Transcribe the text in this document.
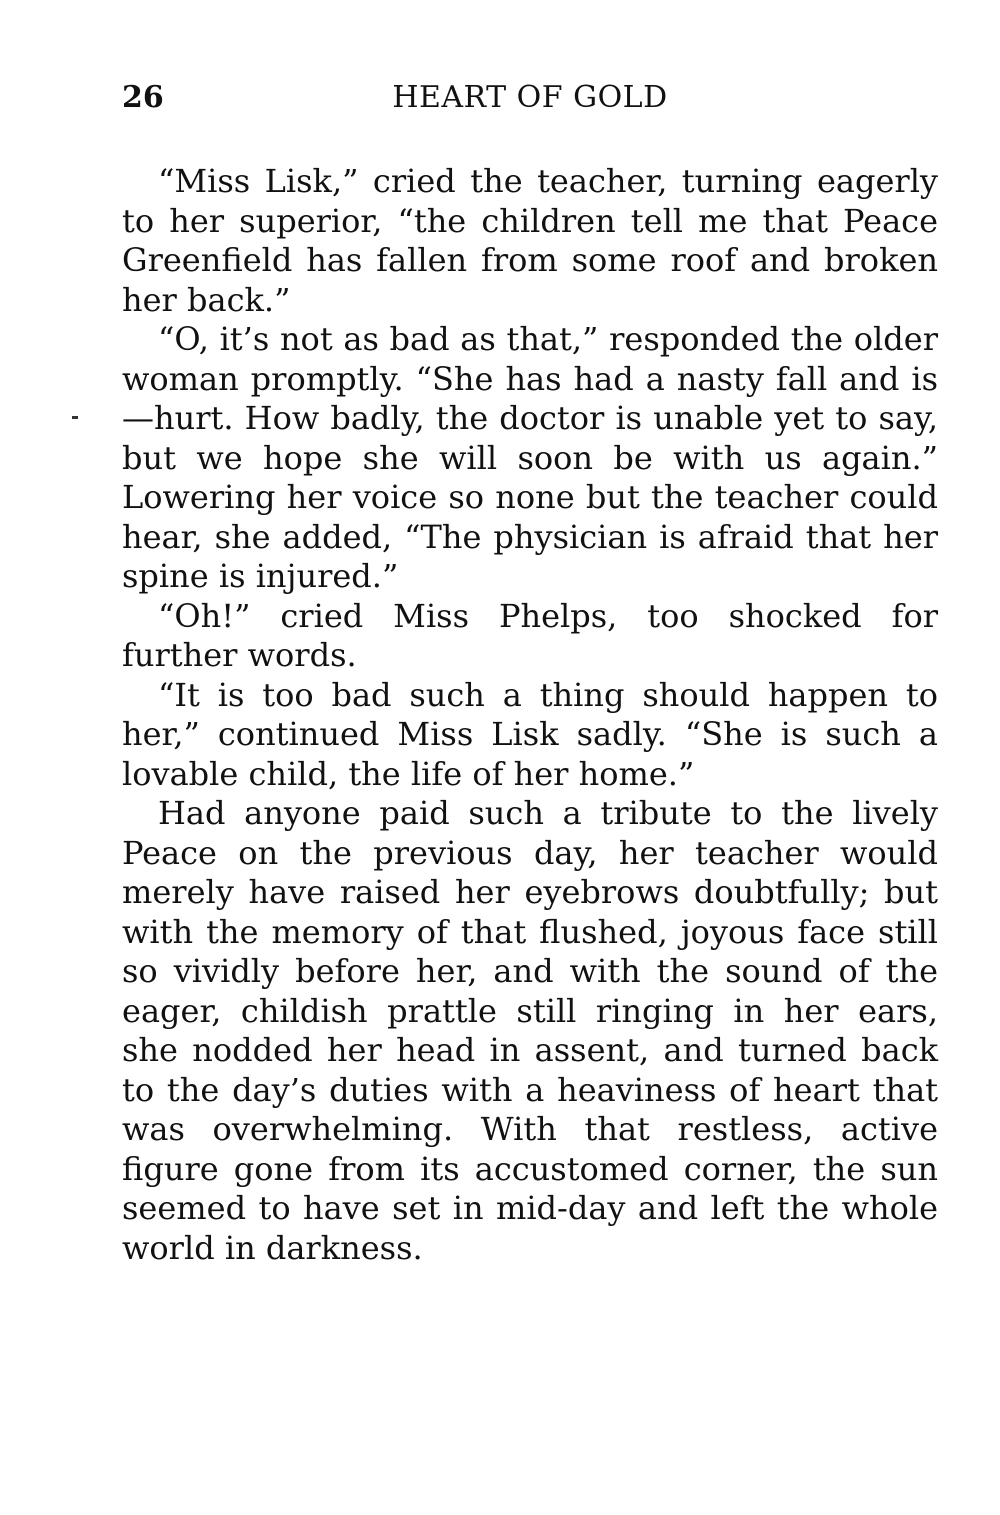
26	HEART OF GOLD

“Miss Lisk,” cried the teacher, turning eagerly to her superior, “the children tell me that Peace Greenfield has fallen from some roof and broken her back.”

“O, it’s not as bad as that,” responded the older woman promptly. “She has had a nasty fall and is—hurt. How badly, the doctor is unable yet to say, but we hope she will soon be with us again.” Lowering her voice so none but the teacher could hear, she added, “The physician is afraid that her spine is injured.”

“Oh!” cried Miss Phelps, too shocked for further words.

“It is too bad such a thing should happen to her,” continued Miss Lisk sadly. “She is such a lovable child, the life of her home.”

Had anyone paid such a tribute to the lively Peace on the previous day, her teacher would merely have raised her eyebrows doubtfully; but with the memory of that flushed, joyous face still so vividly before her, and with the sound of the eager, childish prattle still ringing in her ears, she nodded her head in assent, and turned back to the day’s duties with a heaviness of heart that was overwhelming. With that restless, active figure gone from its accustomed corner, the sun seemed to have set in mid-day and left the whole world in darkness.
